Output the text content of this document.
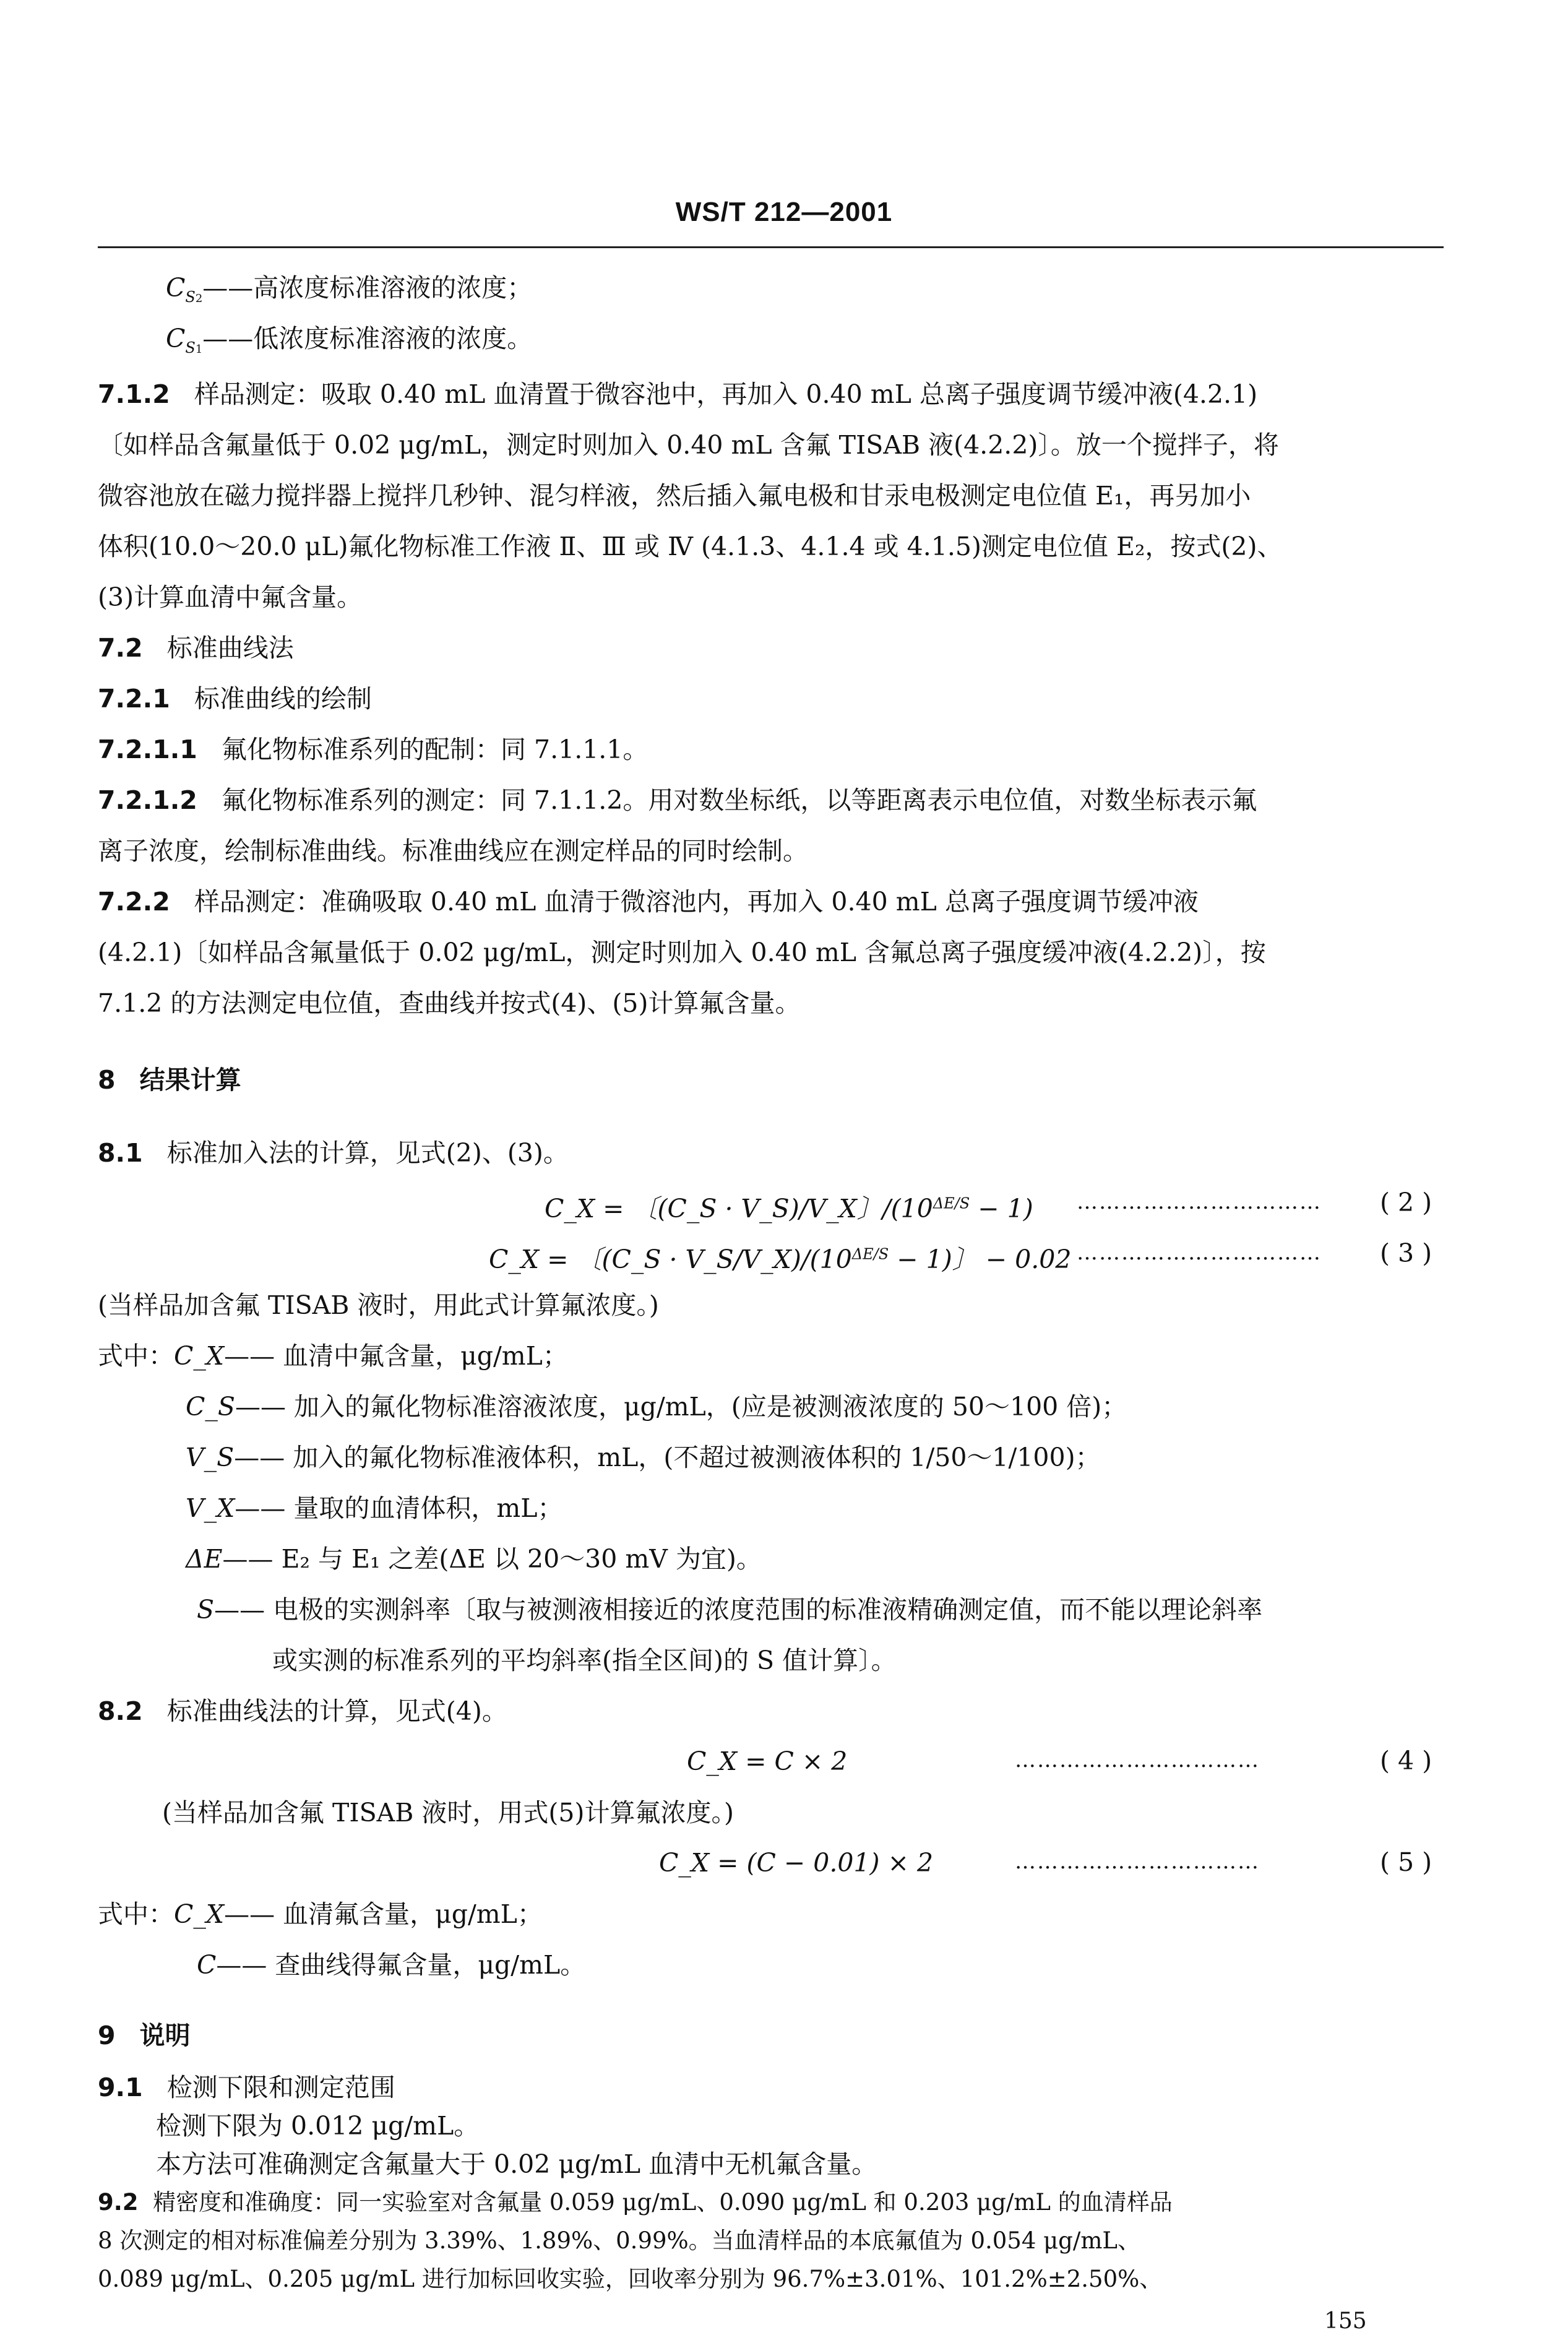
WS/T 212—2001
$C_{S2}——$高浓度标准溶液的浓度；
$C_{S1}——$低浓度标准溶液的浓度。
7.1.2 样品测定：吸取 0.40 mL 血清置于微容池中，再加入 0.40 mL 总离子强度调节缓冲液(4.2.1)
〔如样品含氟量低于 0.02 μg/mL，测定时则加入 0.40 mL 含氟 TISAB 液(4.2.2)〕。放一个搅拌子，将
微容池放在磁力搅拌器上搅拌几秒钟、混匀样液，然后插入氟电极和甘汞电极测定电位值 E₁，再另加小
体积(10.0～20.0 μL)氟化物标准工作液 Ⅱ、Ⅲ 或 Ⅳ (4.1.3、4.1.4 或 4.1.5)测定电位值 E₂，按式(2)、
(3)计算血清中氟含量。
7.2 标准曲线法
7.2.1 标准曲线的绘制
7.2.1.1 氟化物标准系列的配制：同 7.1.1.1。
7.2.1.2 氟化物标准系列的测定：同 7.1.1.2。用对数坐标纸，以等距离表示电位值，对数坐标表示氟
离子浓度，绘制标准曲线。标准曲线应在测定样品的同时绘制。
7.2.2 样品测定：准确吸取 0.40 mL 血清于微溶池内，再加入 0.40 mL 总离子强度调节缓冲液
(4.2.1)〔如样品含氟量低于 0.02 μg/mL，测定时则加入 0.40 mL 含氟总离子强度缓冲液(4.2.2)〕，按
7.1.2 的方法测定电位值，查曲线并按式(4)、(5)计算氟含量。
8 结果计算
8.1 标准加入法的计算，见式(2)、(3)。
C_X = 〔(C_S · V_S)/V_X〕$/(10^{\Delta E/S} - 1)$ …………………………… ( 2 )
C_X = 〔(C_S · $V\_S/V\_X)/(10^{\Delta E/S} - 1)$〕 − 0.02 …………………………… ( 3 )
(当样品加含氟 TISAB 液时，用此式计算氟浓度。)
式中：C_X—— 血清中氟含量，μg/mL；
C_S—— 加入的氟化物标准溶液浓度，μg/mL，(应是被测液浓度的 50～100 倍)；
V_S—— 加入的氟化物标准液体积，mL，(不超过被测液体积的 1/50～1/100)；
V_X—— 量取的血清体积，mL；
ΔE—— E₂ 与 E₁ 之差(ΔE 以 20～30 mV 为宜)。
S—— 电极的实测斜率〔取与被测液相接近的浓度范围的标准液精确测定值，而不能以理论斜率
或实测的标准系列的平均斜率(指全区间)的 S 值计算〕。
8.2 标准曲线法的计算，见式(4)。
C_X = C × 2	……………………………	( 4 )
(当样品加含氟 TISAB 液时，用式(5)计算氟浓度。)
C_X = (C − 0.01) × 2	……………………………	( 5 )
式中：C_X—— 血清氟含量，μg/mL；
C—— 查曲线得氟含量，μg/mL。
9 说明
9.1 检测下限和测定范围
检测下限为 0.012 μg/mL。
本方法可准确测定含氟量大于 0.02 μg/mL 血清中无机氟含量。
9.2 精密度和准确度：同一实验室对含氟量 0.059 μg/mL、0.090 μg/mL 和 0.203 μg/mL 的血清样品
8 次测定的相对标准偏差分别为 3.39%、1.89%、0.99%。当血清样品的本底氟值为 0.054 μg/mL、
0.089 μg/mL、0.205 μg/mL 进行加标回收实验，回收率分别为 96.7%±3.01%、101.2%±2.50%、
155
